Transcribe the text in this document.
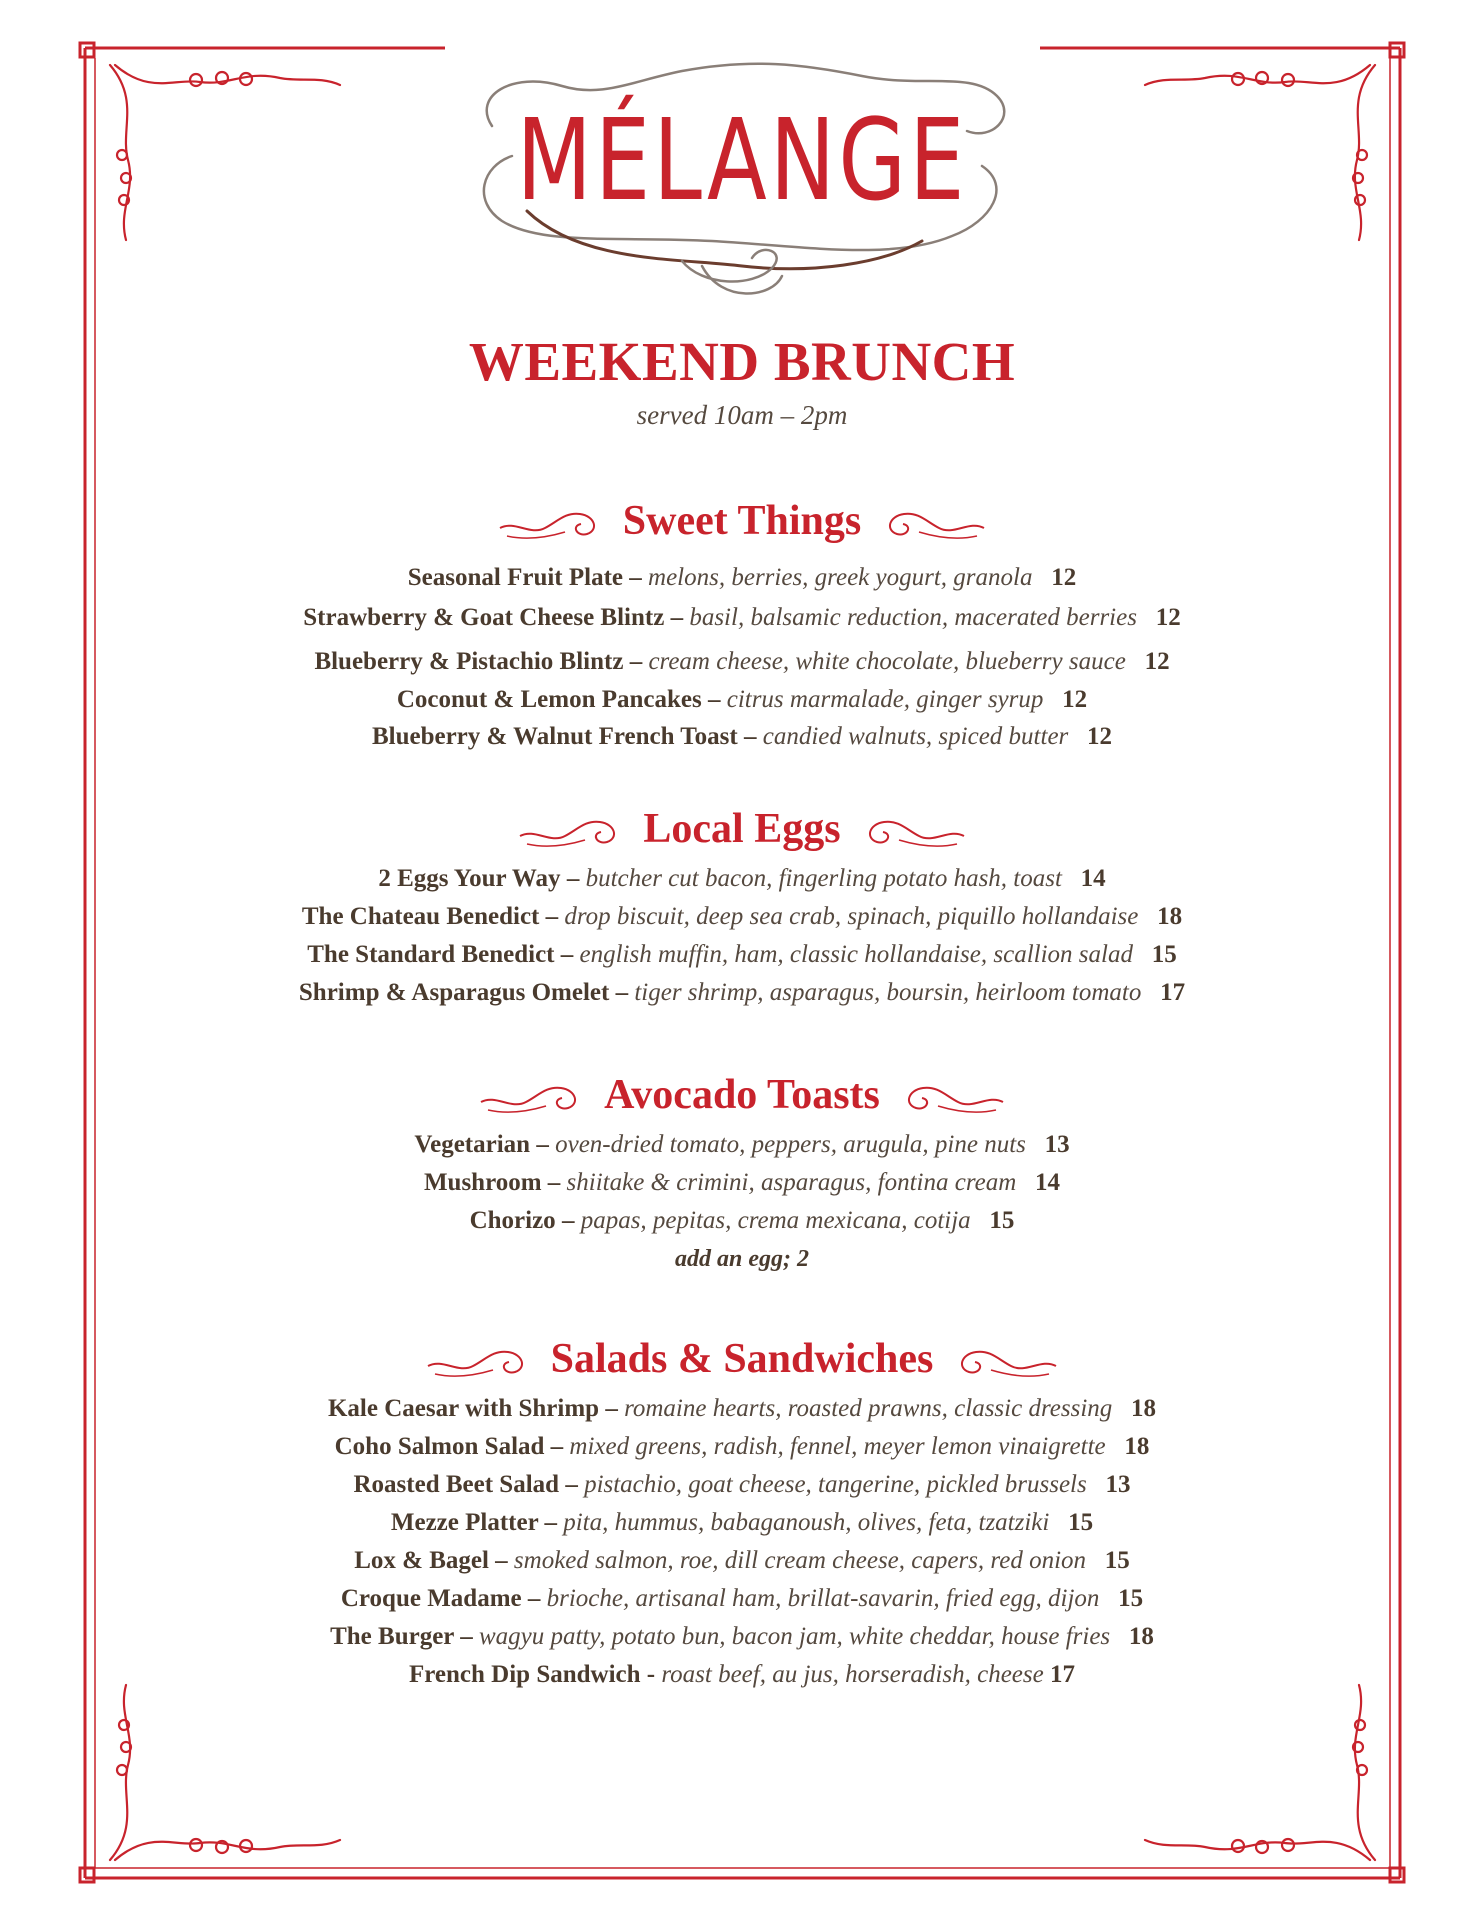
MÉLANGE
WEEKEND BRUNCH
served 10am – 2pm
Sweet Things

Seasonal Fruit Plate – melons, berries, greek yogurt, granola 12

Strawberry & Goat Cheese Blintz – basil, balsamic reduction, macerated berries 12

Blueberry & Pistachio Blintz – cream cheese, white chocolate, blueberry sauce 12

Coconut & Lemon Pancakes – citrus marmalade, ginger syrup 12

Blueberry & Walnut French Toast – candied walnuts, spiced butter 12

Local Eggs

2 Eggs Your Way – butcher cut bacon, fingerling potato hash, toast 14

The Chateau Benedict – drop biscuit, deep sea crab, spinach, piquillo hollandaise 18

The Standard Benedict – english muffin, ham, classic hollandaise, scallion salad 15

Shrimp & Asparagus Omelet – tiger shrimp, asparagus, boursin, heirloom tomato 17

Avocado Toasts

Vegetarian – oven-dried tomato, peppers, arugula, pine nuts 13

Mushroom – shiitake & crimini, asparagus, fontina cream 14

Chorizo – papas, pepitas, crema mexicana, cotija 15

add an egg; 2

Salads & Sandwiches

Kale Caesar with Shrimp – romaine hearts, roasted prawns, classic dressing 18

Coho Salmon Salad – mixed greens, radish, fennel, meyer lemon vinaigrette 18

Roasted Beet Salad – pistachio, goat cheese, tangerine, pickled brussels 13

Mezze Platter – pita, hummus, babaganoush, olives, feta, tzatziki 15

Lox & Bagel – smoked salmon, roe, dill cream cheese, capers, red onion 15

Croque Madame – brioche, artisanal ham, brillat-savarin, fried egg, dijon 15

The Burger – wagyu patty, potato bun, bacon jam, white cheddar, house fries 18

French Dip Sandwich - roast beef, au jus, horseradish, cheese 17
